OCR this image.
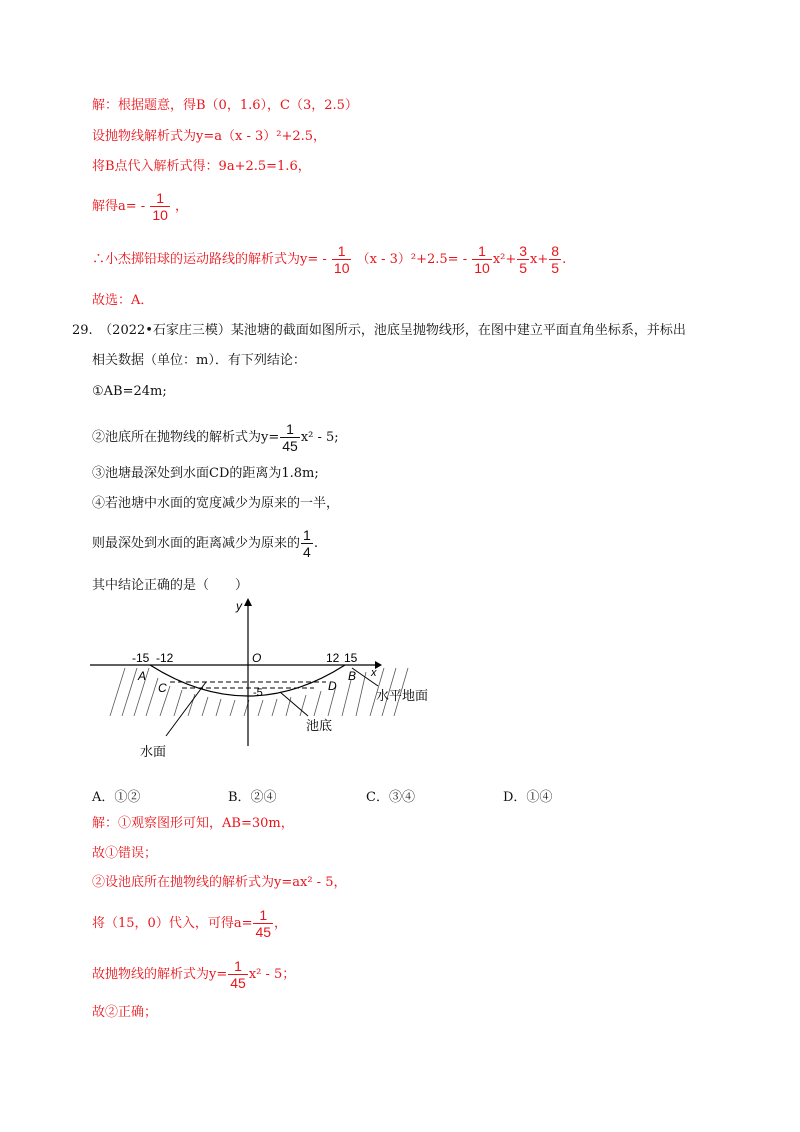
解：根据题意，得B（0，1.6），C（3，2.5）
设抛物线解析式为y=a（x - 3）²+2.5，
将B点代入解析式得：9a+2.5=1.6，
解得$a= - \frac{1}{10}$ ，
∴小杰掷铅球的运动路线的解析式为$y= - \frac{1}{10} (x - 3)^2+2.5= - \frac{1}{10} x^2+ \frac{3}{5} x+ \frac{8}{5}$ .
故选：A．
29.　（2022•石家庄三模）某池塘的截面如图所示，池底呈抛物线形，在图中建立平面直角坐标系，并标出
相关数据（单位：m）．有下列结论：
①AB=24m;
②池底所在抛物线的解析式为$y= \frac{1}{45} x^2 - 5$;
③池塘最深处到水面CD的距离为1.8m;
④若池塘中水面的宽度减少为原来的一半，
则最深处到水面的距离减少为原来的 $\frac{1}{4}$ .
其中结论正确的是（　　）
y
x
O
-15 -12	12 15
-5
A
C	D
B
水平地面
池底
水面
A．①②	B．②④	C．③④	D．①④
解：①观察图形可知，AB=30m，
故①错误；
②设池底所在抛物线的解析式为y=ax² - 5，
将（15，0）代入，可得$a= \frac{1}{45}$ ，
故抛物线的解析式为$y= \frac{1}{45} x^2 - 5$；
故②正确；
